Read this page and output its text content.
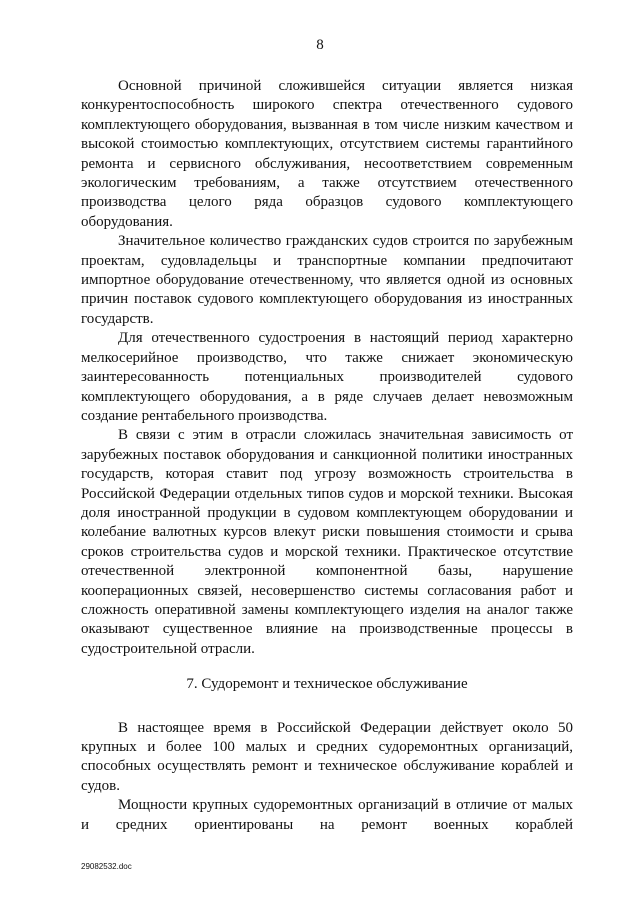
8

Основной причиной сложившейся ситуации является низкая конкурентоспособность широкого спектра отечественного судового комплектующего оборудования, вызванная в том числе низким качеством и высокой стоимостью комплектующих, отсутствием системы гарантийного ремонта и сервисного обслуживания, несоответствием современным экологическим требованиям, а также отсутствием отечественного производства целого ряда образцов судового комплектующего оборудования.

Значительное количество гражданских судов строится по зарубежным проектам, судовладельцы и транспортные компании предпочитают импортное оборудование отечественному, что является одной из основных причин поставок судового комплектующего оборудования из иностранных государств.

Для отечественного судостроения в настоящий период характерно мелкосерийное производство, что также снижает экономическую заинтересованность потенциальных производителей судового комплектующего оборудования, а в ряде случаев делает невозможным создание рентабельного производства.

В связи с этим в отрасли сложилась значительная зависимость от зарубежных поставок оборудования и санкционной политики иностранных государств, которая ставит под угрозу возможность строительства в Российской Федерации отдельных типов судов и морской техники. Высокая доля иностранной продукции в судовом комплектующем оборудовании и колебание валютных курсов влекут риски повышения стоимости и срыва сроков строительства судов и морской техники. Практическое отсутствие отечественной электронной компонентной базы, нарушение кооперационных связей, несовершенство системы согласования работ и сложность оперативной замены комплектующего изделия на аналог также оказывают существенное влияние на производственные процессы в судостроительной отрасли.

7. Судоремонт и техническое обслуживание

В настоящее время в Российской Федерации действует около 50 крупных и более 100 малых и средних судоремонтных организаций, способных осуществлять ремонт и техническое обслуживание кораблей и судов.

Мощности крупных судоремонтных организаций в отличие от малых и средних ориентированы на ремонт военных кораблей

29082532.doc
